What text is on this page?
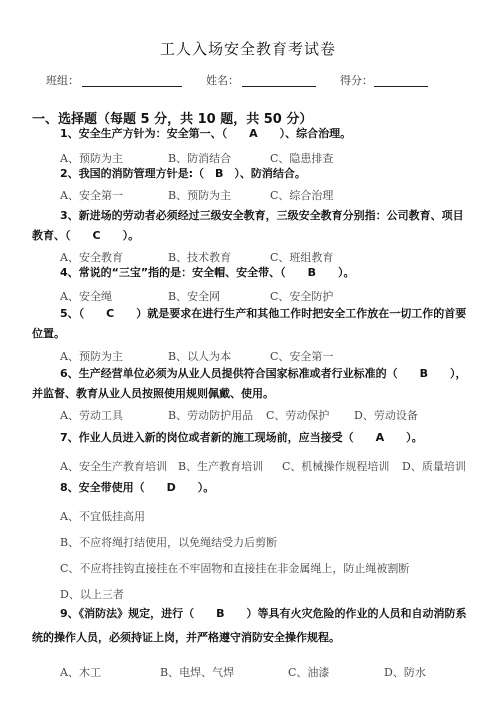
工人入场安全教育考试卷
班组：	姓名：	得分：
一、选择题（每题 5 分，共 10 题，共 50 分）
1、安全生产方针为：安全第一、（　　A　　）、综合治理。
A、预防为主	B、防消结合	C、隐患排查
2、我国的消防管理方针是:（　B　）、防消结合。
A、安全第一	B、预防为主	C、综合治理
3、新进场的劳动者必须经过三级安全教育，三级安全教育分别指：公司教育、项目教育、（　　C　　）。
A、安全教育	B、技术教育	C、班组教育
4、常说的“三宝”指的是：安全帽、安全带、（　　B　　）。
A、安全绳	B、安全网	C、安全防护
5、（　　C　　）就是要求在进行生产和其他工作时把安全工作放在一切工作的首要位置。
A、预防为主	B、以人为本	C、安全第一
6、生产经营单位必须为从业人员提供符合国家标准或者行业标准的（　　B　　），并监督、教育从业人员按照使用规则佩戴、使用。
A、劳动工具	B、劳动防护用品 C、劳动保护 D、劳动设备
7、作业人员进入新的岗位或者新的施工现场前，应当接受（　　A　　）。
A、安全生产教育培训 B、生产教育培训 C、机械操作规程培训 D、质量培训
8、安全带使用（　　D　　）。
A、不宜低挂高用
B、不应将绳打结使用，以免绳结受力后剪断
C、不应将挂钩直接挂在不牢固物和直接挂在非金属绳上，防止绳被割断
D、以上三者
9、《消防法》规定，进行（　　B　　）等具有火灾危险的作业的人员和自动消防系统的操作人员，必须持证上岗，并严格遵守消防安全操作规程。
A、木工	B、电焊、气焊	C、油漆	D、防水
